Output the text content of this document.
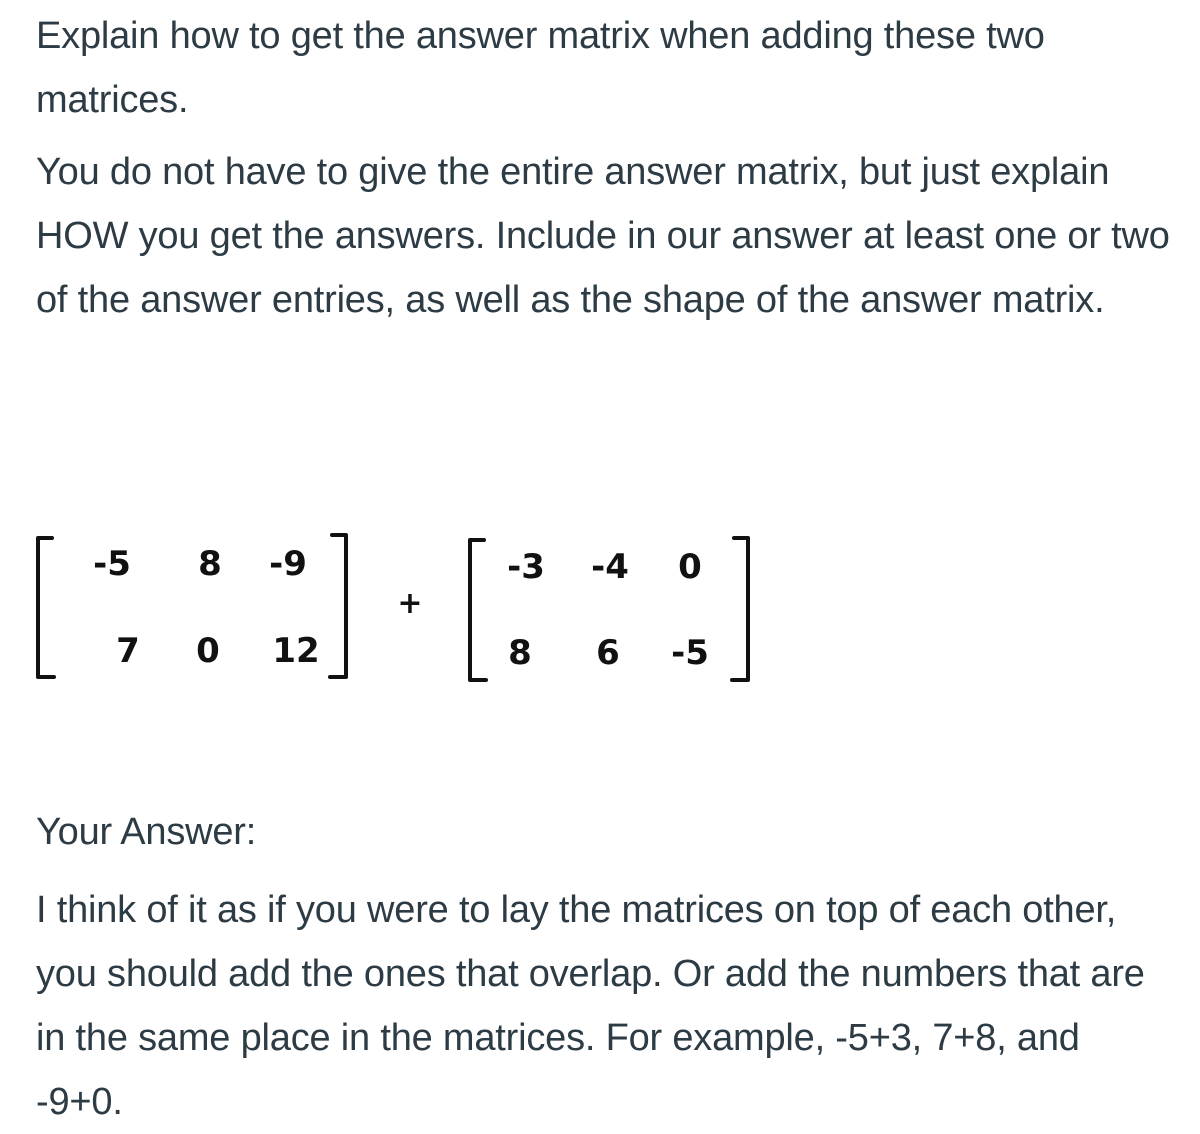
Explain how to get the answer matrix when adding these two matrices.

You do not have to give the entire answer matrix, but just explain HOW you get the answers. Include in our answer at least one or two of the answer entries, as well as the shape of the answer matrix.

-5 8 -9
7 0 12
+
-3 -4 0
8 6 -5

Your Answer:

I think of it as if you were to lay the matrices on top of each other, you should add the ones that overlap. Or add the numbers that are in the same place in the matrices. For example, -5+3, 7+8, and -9+0.
